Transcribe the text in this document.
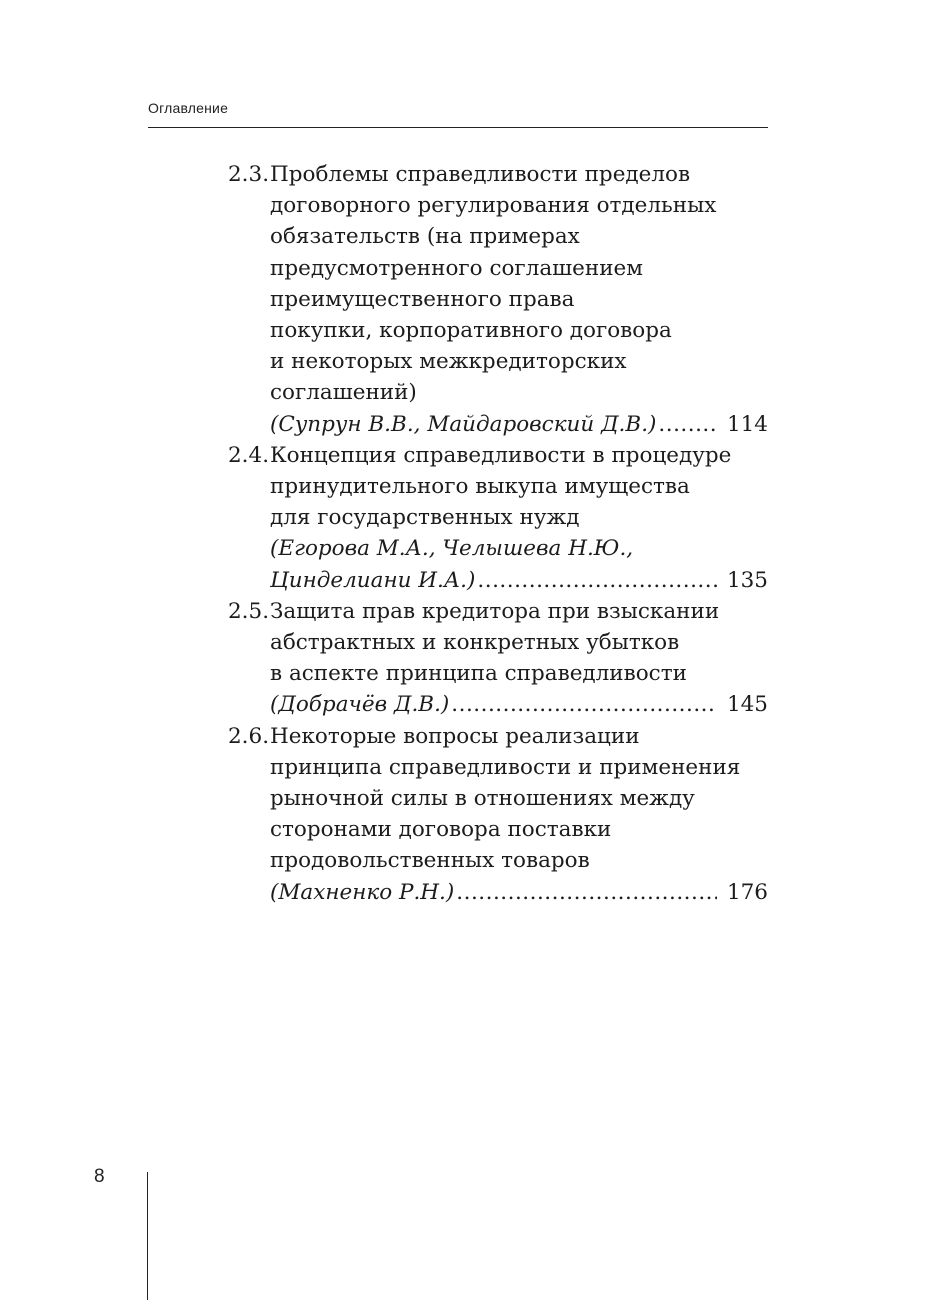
Оглавление
2.3. Проблемы справедливости пределов
договорного регулирования отдельных
обязательств (на примерах
предусмотренного соглашением
преимущественного права
покупки, корпоративного договора
и некоторых межкредиторских
соглашений)
(Супрун В.В., Майдаровский Д.В.) .....	114
2.4. Концепция справедливости в процедуре
принудительного выкупа имущества
для государственных нужд
(Егорова М.А., Челышева Н.Ю.,
Цинделиани И.А.) .....	135
2.5. Защита прав кредитора при взыскании
абстрактных и конкретных убытков
в аспекте принципа справедливости
(Добрачёв Д.В.) .....	145
2.6. Некоторые вопросы реализации
принципа справедливости и применения
рыночной силы в отношениях между
сторонами договора поставки
продовольственных товаров
(Махненко Р.Н.) .....	176
8
